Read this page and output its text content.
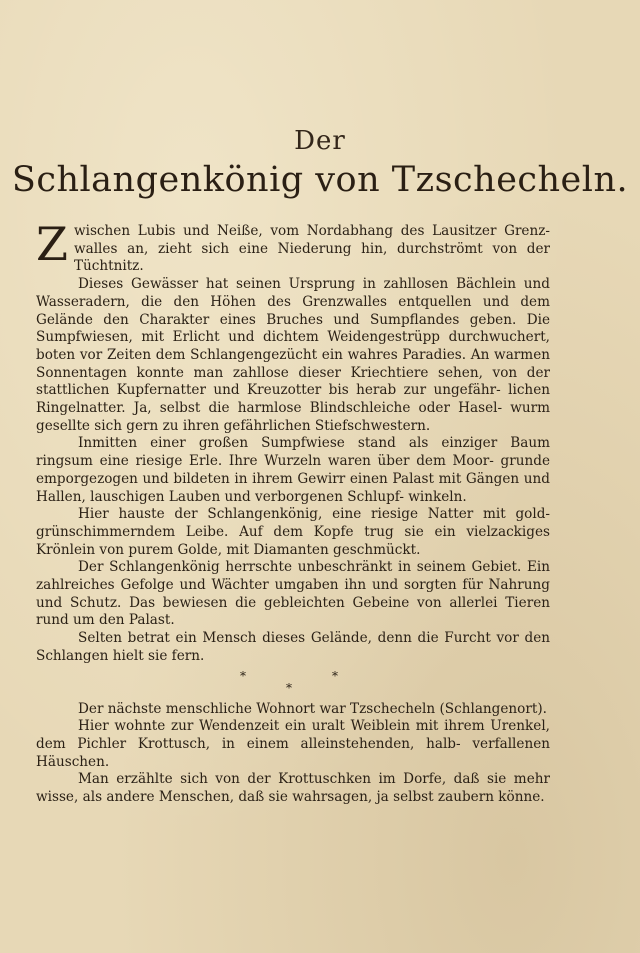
Der
Schlangenkönig von Tzschecheln.

Zwischen Lubis und Neiße, vom Nordabhang des Lausitzer Grenz- walles an, zieht sich eine Niederung hin, durchströmt von der Tüchtnitz.

Dieses Gewässer hat seinen Ursprung in zahllosen Bächlein und Wasseradern, die den Höhen des Grenzwalles entquellen und dem Gelände den Charakter eines Bruches und Sumpflandes geben. Die Sumpfwiesen, mit Erlicht und dichtem Weidengestrüpp durchwuchert, boten vor Zeiten dem Schlangengezücht ein wahres Paradies. An warmen Sonnentagen konnte man zahllose dieser Kriechtiere sehen, von der stattlichen Kupfernatter und Kreuzotter bis herab zur ungefähr- lichen Ringelnatter. Ja, selbst die harmlose Blindschleiche oder Hasel- wurm gesellte sich gern zu ihren gefährlichen Stiefschwestern.

Inmitten einer großen Sumpfwiese stand als einziger Baum ringsum eine riesige Erle. Ihre Wurzeln waren über dem Moor- grunde emporgezogen und bildeten in ihrem Gewirr einen Palast mit Gängen und Hallen, lauschigen Lauben und verborgenen Schlupf- winkeln.

Hier hauste der Schlangenkönig, eine riesige Natter mit gold- grünschimmerndem Leibe. Auf dem Kopfe trug sie ein vielzackiges Krönlein von purem Golde, mit Diamanten geschmückt.

Der Schlangenkönig herrschte unbeschränkt in seinem Gebiet. Ein zahlreiches Gefolge und Wächter umgaben ihn und sorgten für Nahrung und Schutz. Das bewiesen die gebleichten Gebeine von allerlei Tieren rund um den Palast.

Selten betrat ein Mensch dieses Gelände, denn die Furcht vor den Schlangen hielt sie fern.

*	*
*

Der nächste menschliche Wohnort war Tzschecheln (Schlangenort).

Hier wohnte zur Wendenzeit ein uralt Weiblein mit ihrem Urenkel, dem Pichler Krottusch, in einem alleinstehenden, halb- verfallenen Häuschen.

Man erzählte sich von der Krottuschken im Dorfe, daß sie mehr wisse, als andere Menschen, daß sie wahrsagen, ja selbst zaubern könne.
